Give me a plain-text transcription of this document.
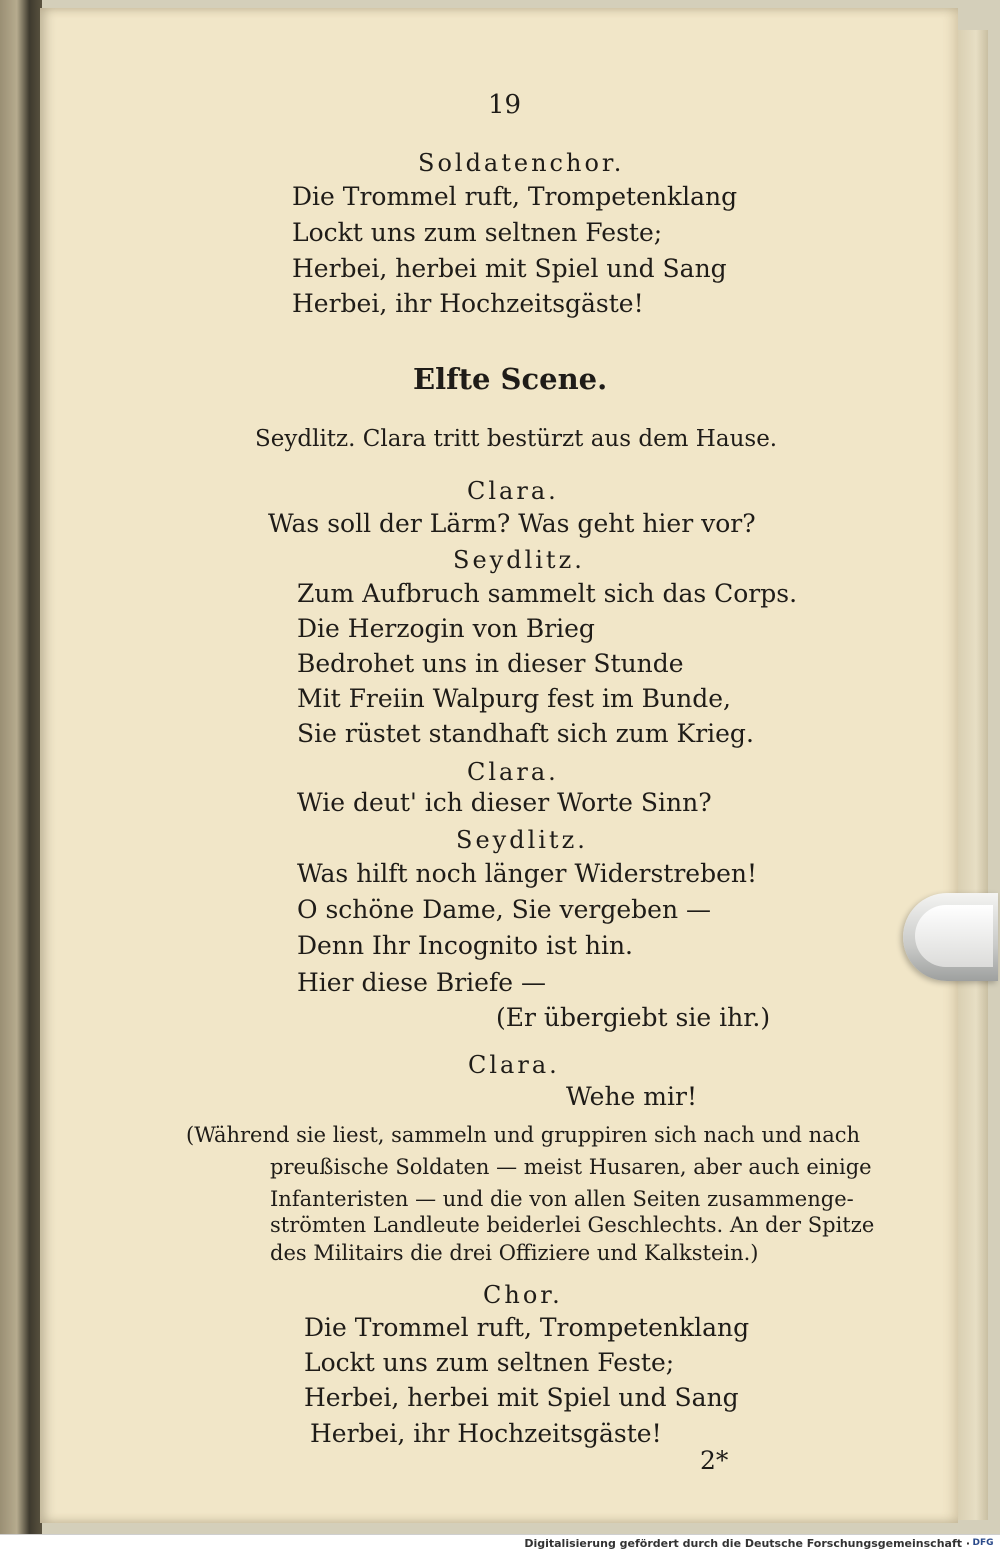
19
Soldatenchor.
Die Trommel ruft, Trompetenklang
Lockt uns zum seltnen Feste;
Herbei, herbei mit Spiel und Sang
Herbei, ihr Hochzeitsgäste!
Elfte Scene.
Seydlitz. Clara tritt bestürzt aus dem Hause.
Clara.
Was soll der Lärm? Was geht hier vor?
Seydlitz.
Zum Aufbruch sammelt sich das Corps.
Die Herzogin von Brieg
Bedrohet uns in dieser Stunde
Mit Freiin Walpurg fest im Bunde,
Sie rüstet standhaft sich zum Krieg.
Clara.
Wie deut' ich dieser Worte Sinn?
Seydlitz.
Was hilft noch länger Widerstreben!
O schöne Dame, Sie vergeben —
Denn Ihr Incognito ist hin.
Hier diese Briefe —
(Er übergiebt sie ihr.)
Clara.
Wehe mir!
(Während sie liest, sammeln und gruppiren sich nach und nach
preußische Soldaten — meist Husaren, aber auch einige
Infanteristen — und die von allen Seiten zusammenge-
strömten Landleute beiderlei Geschlechts. An der Spitze
des Militairs die drei Offiziere und Kalkstein.)
Chor.
Die Trommel ruft, Trompetenklang
Lockt uns zum seltnen Feste;
Herbei, herbei mit Spiel und Sang
Herbei, ihr Hochzeitsgäste!
2*
Digitalisierung gefördert durch die Deutsche Forschungsgemeinschaft · DFG
